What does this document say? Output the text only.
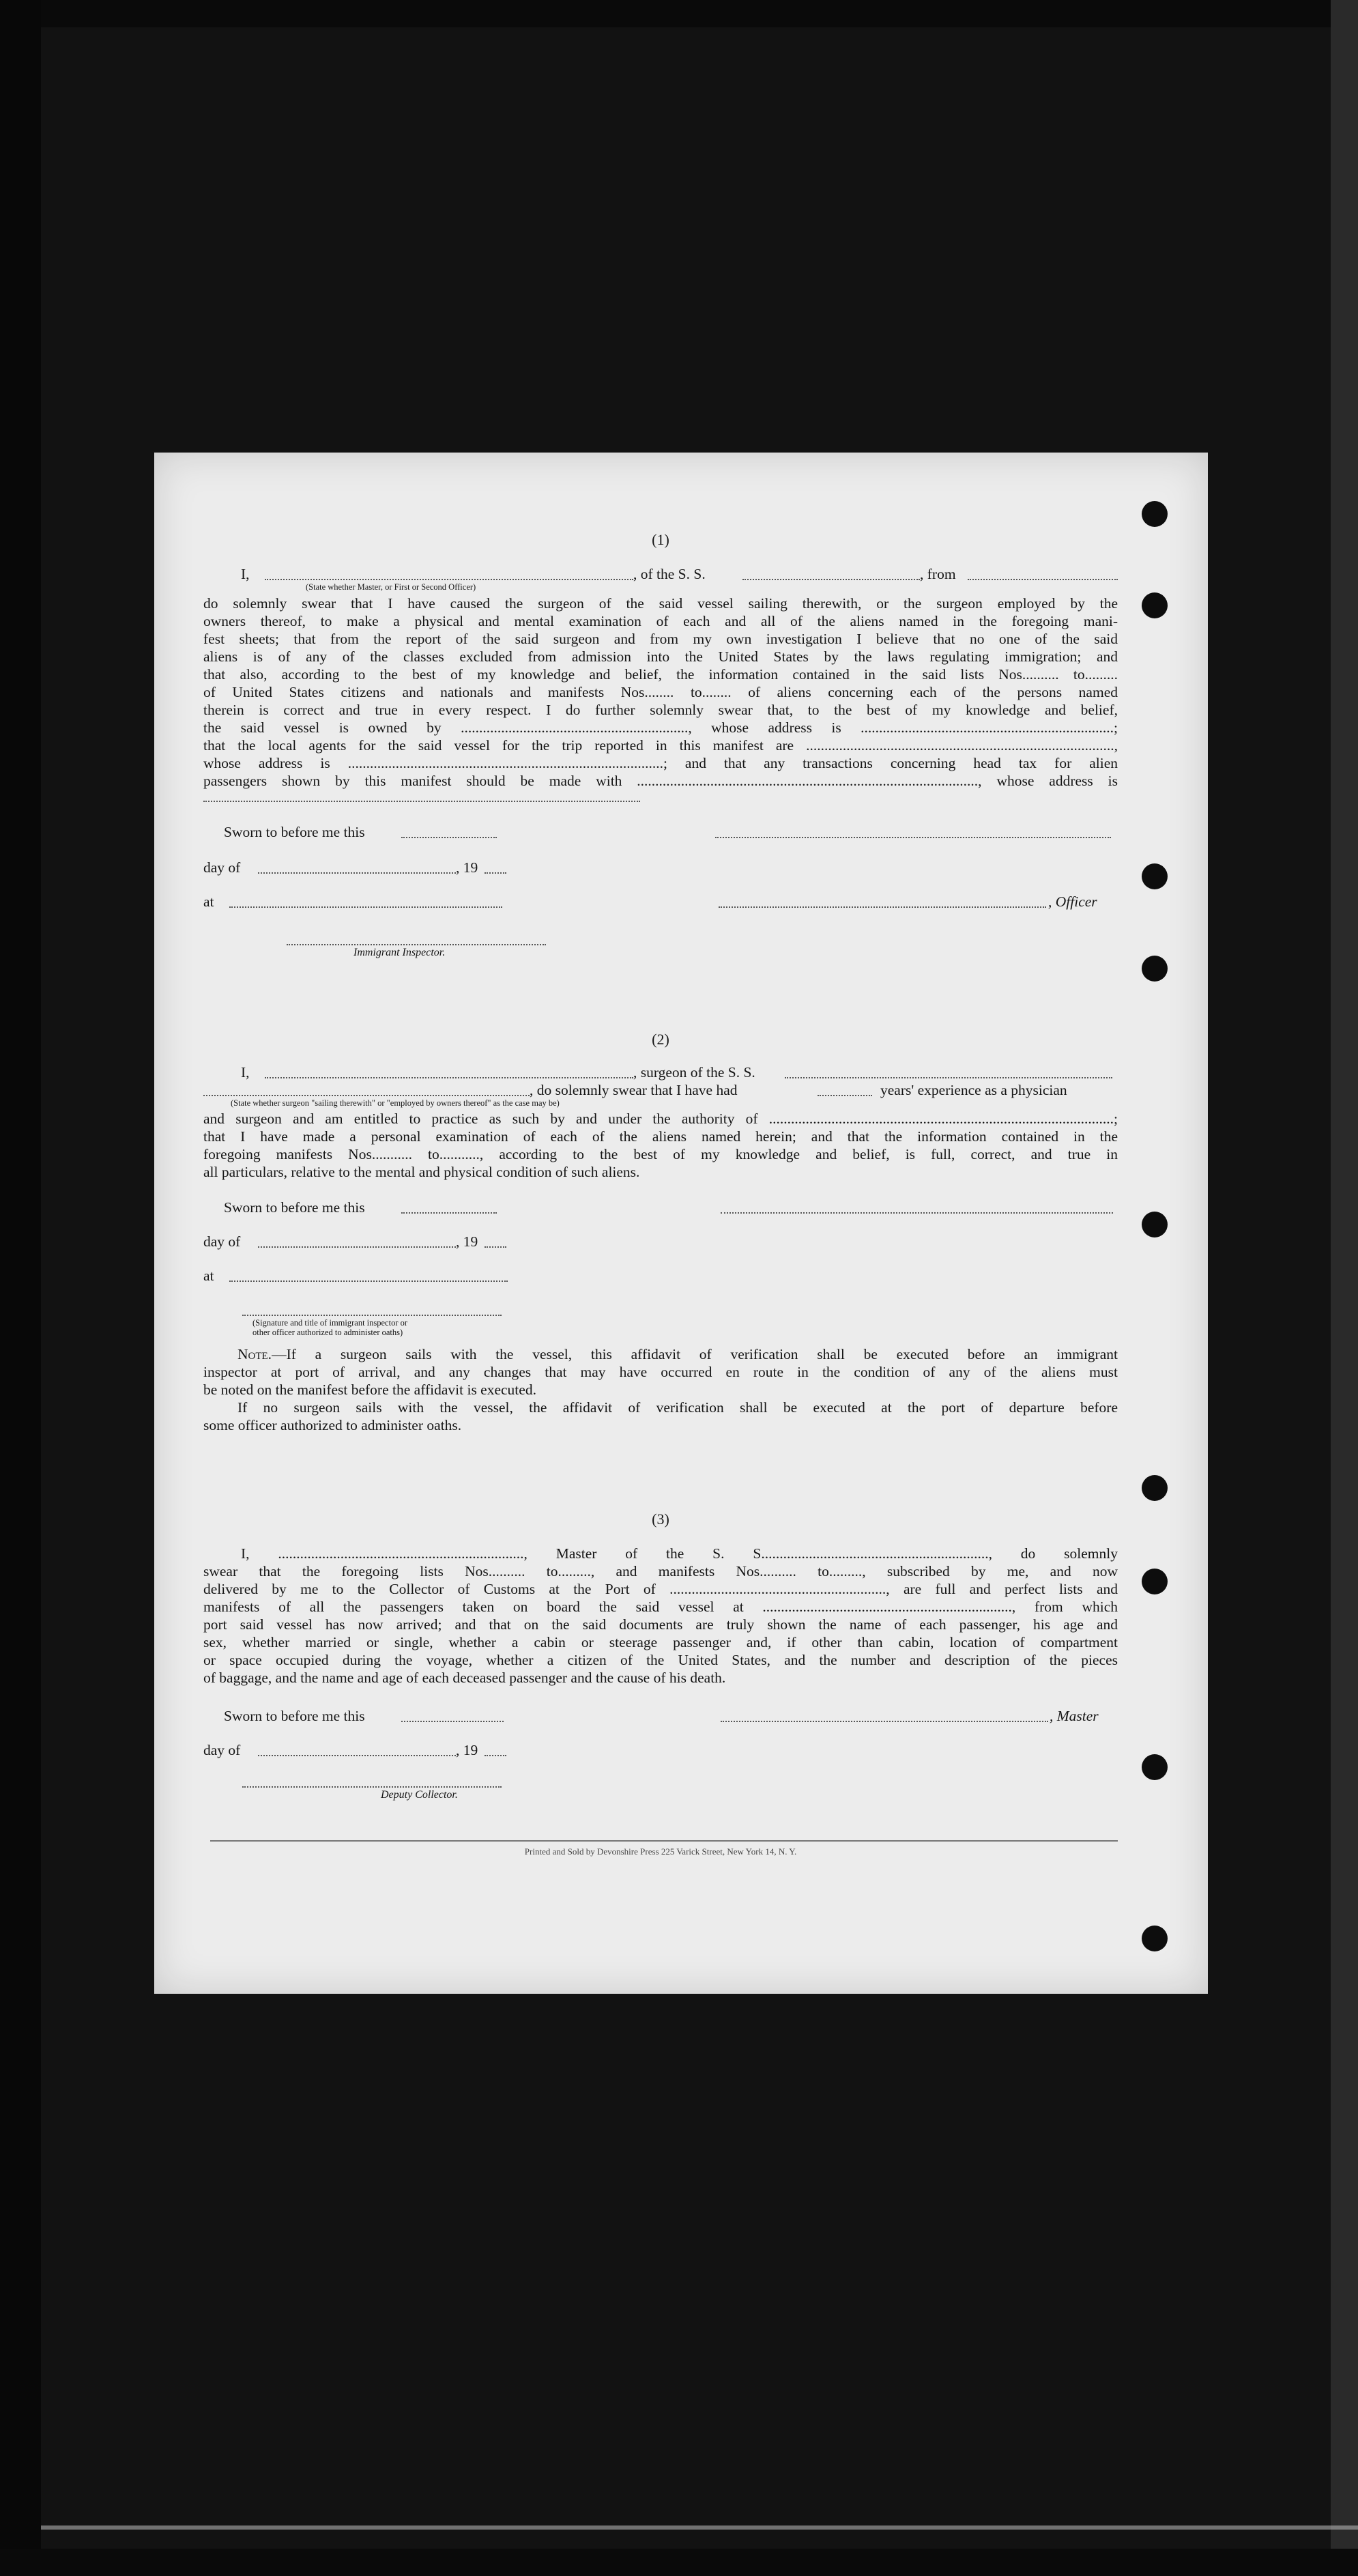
(1)
I,	, of the S. S.	, from
(State whether Master, or First or Second Officer)
do solemnly swear that I have caused the surgeon of the said vessel sailing therewith, or the surgeon employed by the
owners thereof, to make a physical and mental examination of each and all of the aliens named in the foregoing mani-
fest sheets; that from the report of the said surgeon and from my own investigation I believe that no one of the said
aliens is of any of the classes excluded from admission into the United States by the laws regulating immigration; and
that also, according to the best of my knowledge and belief, the information contained in the said lists Nos.......... to.........
of United States citizens and nationals and manifests Nos........ to........ of aliens concerning each of the persons named
therein is correct and true in every respect. I do further solemnly swear that, to the best of my knowledge and belief,
the said vessel is owned by .............................................................., whose address is .....................................................................;
that the local agents for the said vessel for the trip reported in this manifest are ....................................................................................,
whose address is ......................................................................................; and that any transactions concerning head tax for alien
passengers shown by this manifest should be made with ............................................................................................., whose address is
Sworn to before me this
day of	, 19
at	, Officer
Immigrant Inspector.
(2)
I,	, surgeon of the S. S.
, do solemnly swear that I have had	years' experience as a physician
(State whether surgeon "sailing therewith" or "employed by owners thereof" as the case may be)
and surgeon and am entitled to practice as such by and under the authority of ..............................................................................................;
that I have made a personal examination of each of the aliens named herein; and that the information contained in the
foregoing manifests Nos........... to..........., according to the best of my knowledge and belief, is full, correct, and true in
all particulars, relative to the mental and physical condition of such aliens.
Sworn to before me this
day of	, 19
at
(Signature and title of immigrant inspector or
other officer authorized to administer oaths)
Note.—If a surgeon sails with the vessel, this affidavit of verification shall be executed before an immigrant
inspector at port of arrival, and any changes that may have occurred en route in the condition of any of the aliens must
be noted on the manifest before the affidavit is executed.
If no surgeon sails with the vessel, the affidavit of verification shall be executed at the port of departure before
some officer authorized to administer oaths.
(3)
I, ..................................................................., Master of the S. S.............................................................., do solemnly
swear that the foregoing lists Nos.......... to........., and manifests Nos.......... to........., subscribed by me, and now
delivered by me to the Collector of Customs at the Port of ..........................................................., are full and perfect lists and
manifests of all the passengers taken on board the said vessel at ...................................................................., from which
port said vessel has now arrived; and that on the said documents are truly shown the name of each passenger, his age and
sex, whether married or single, whether a cabin or steerage passenger and, if other than cabin, location of compartment
or space occupied during the voyage, whether a citizen of the United States, and the number and description of the pieces
of baggage, and the name and age of each deceased passenger and the cause of his death.
Sworn to before me this	, Master
day of	, 19
Deputy Collector.
Printed and Sold by Devonshire Press 225 Varick Street, New York 14, N. Y.
